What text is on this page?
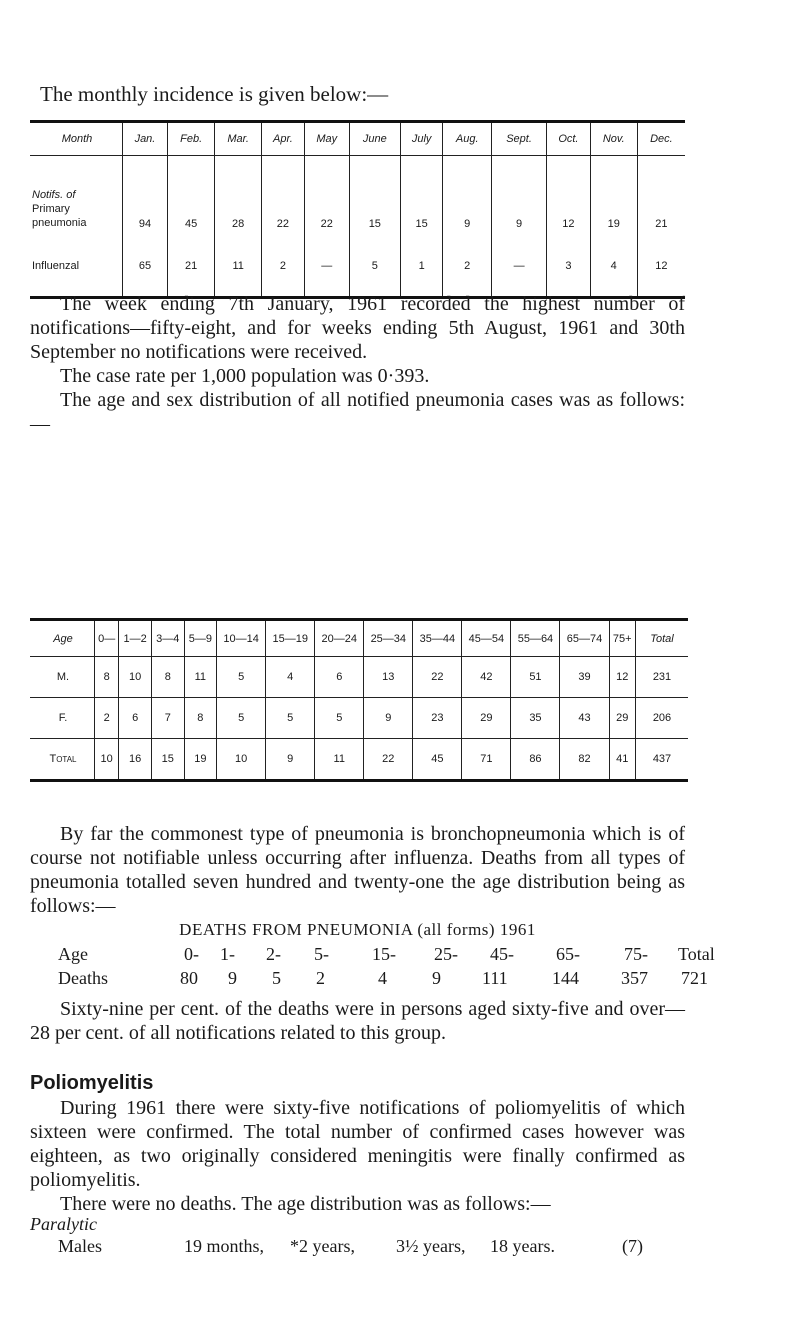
The monthly incidence is given below:—
Month	Jan.	Feb.	Mar.	Apr.	May	June	July	Aug.	Sept.	Oct.	Nov.	Dec.
Notifs. of
Primary
pneumonia	94	45	28	22	22	15	15	9	9	12	19	21
Influenzal	65	21	11	2	—	5	1	2	—	3	4	12

The week ending 7th January, 1961 recorded the highest number of notifications—fifty-eight, and for weeks ending 5th August, 1961 and 30th September no notifications were received.

The case rate per 1,000 population was 0·393.

The age and sex distribution of all notified pneumonia cases was as follows:—

Age	0—	1—2	3—4	5—9	10—14	15—19	20—24	25—34	35—44	45—54	55—64	65—74	75+	Total
M.	8	10	8	11	5	4	6	13	22	42	51	39	12	231
F.	2	6	7	8	5	5	5	9	23	29	35	43	29	206
Total	10	16	15	19	10	9	11	22	45	71	86	82	41	437

By far the commonest type of pneumonia is bronchopneumonia which is of course not notifiable unless occurring after influenza. Deaths from all types of pneumonia totalled seven hundred and twenty-one the age distribution being as follows:—

DEATHS FROM PNEUMONIA (all forms) 1961
Age	0- 1- 2- 5- 15- 25- 45- 65- 75- Total
Deaths	80 9 5 2	4	9 111 144 357 721

Sixty-nine per cent. of the deaths were in persons aged sixty-five and over—28 per cent. of all notifications related to this group.

Poliomyelitis

During 1961 there were sixty-five notifications of poliomyelitis of which sixteen were confirmed. The total number of confirmed cases however was eighteen, as two originally considered meningitis were finally confirmed as poliomyelitis.

There were no deaths. The age distribution was as follows:—

Paralytic
Males	19 months, *2 years, 3½ years, 18 years.	(7)
